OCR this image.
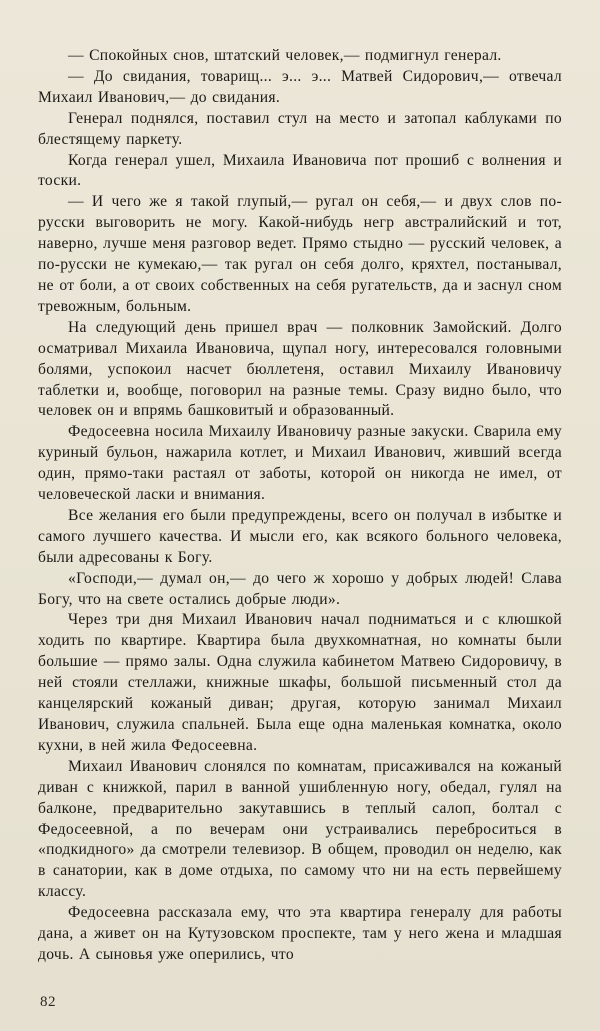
— Спокойных снов, штатский человек,— подмигнул генерал.

— До свидания, товарищ... э... э... Матвей Сидорович,— отвечал Михаил Иванович,— до свидания.

Генерал поднялся, поставил стул на место и затопал каблуками по блестящему паркету.

Когда генерал ушел, Михаила Ивановича пот прошиб с волнения и тоски.

— И чего же я такой глупый,— ругал он себя,— и двух слов по-русски выговорить не могу. Какой-нибудь негр австралийский и тот, наверно, лучше меня разговор ведет. Прямо стыдно — русский человек, а по-русски не кумекаю,— так ругал он себя долго, кряхтел, постанывал, не от боли, а от своих собственных на себя ругательств, да и заснул сном тревожным, больным.

На следующий день пришел врач — полковник Замойский. Долго осматривал Михаила Ивановича, щупал ногу, интересовался головными болями, успокоил насчет бюллетеня, оставил Михаилу Ивановичу таблетки и, вообще, поговорил на разные темы. Сразу видно было, что человек он и впрямь башковитый и образованный.

Федосеевна носила Михаилу Ивановичу разные закуски. Сварила ему куриный бульон, нажарила котлет, и Михаил Иванович, живший всегда один, прямо-таки растаял от заботы, которой он никогда не имел, от человеческой ласки и внимания.

Все желания его были предупреждены, всего он получал в избытке и самого лучшего качества. И мысли его, как всякого больного человека, были адресованы к Богу.

«Господи,— думал он,— до чего ж хорошо у добрых людей! Слава Богу, что на свете остались добрые люди».

Через три дня Михаил Иванович начал подниматься и с клюшкой ходить по квартире. Квартира была двухкомнатная, но комнаты были большие — прямо залы. Одна служила кабинетом Матвею Сидоровичу, в ней стояли стеллажи, книжные шкафы, большой письменный стол да канцелярский кожаный диван; другая, которую занимал Михаил Иванович, служила спальней. Была еще одна маленькая комнатка, около кухни, в ней жила Федосеевна.

Михаил Иванович слонялся по комнатам, присаживался на кожаный диван с книжкой, парил в ванной ушибленную ногу, обедал, гулял на балконе, предварительно закутавшись в теплый салоп, болтал с Федосеевной, а по вечерам они устраивались переброситься в «подкидного» да смотрели телевизор. В общем, проводил он неделю, как в санатории, как в доме отдыха, по самому что ни на есть первейшему классу.

Федосеевна рассказала ему, что эта квартира генералу для работы дана, а живет он на Кутузовском проспекте, там у него жена и младшая дочь. А сыновья уже оперились, что

82
